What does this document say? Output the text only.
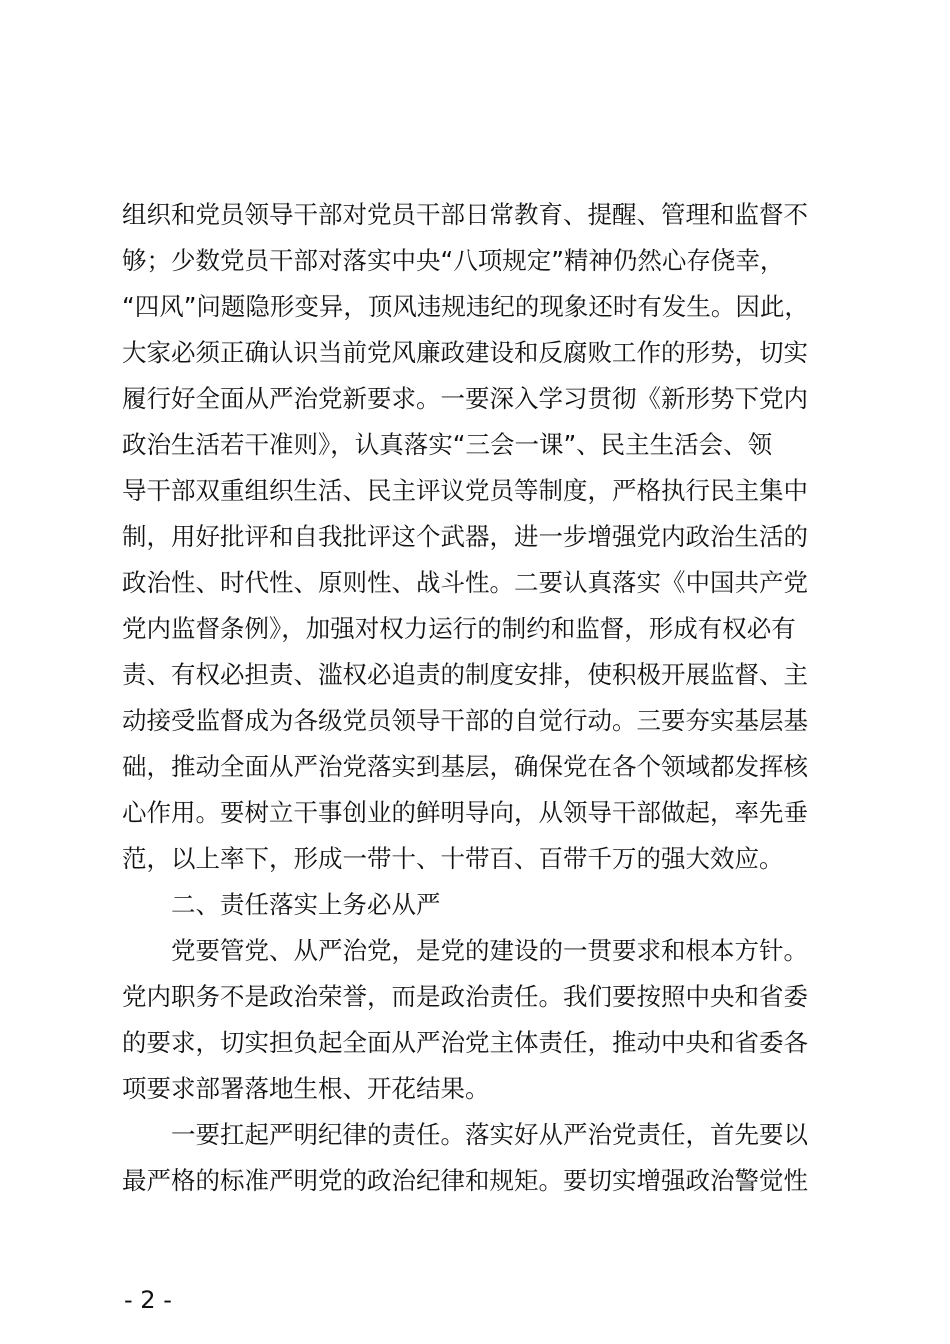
组织和党员领导干部对党员干部日常教育、提醒、管理和监督不
够；少数党员干部对落实中央“八项规定”精神仍然心存侥幸，
“四风”问题隐形变异，顶风违规违纪的现象还时有发生。因此，
大家必须正确认识当前党风廉政建设和反腐败工作的形势，切实
履行好全面从严治党新要求。一要深入学习贯彻《新形势下党内
政治生活若干准则》，认真落实“三会一课”、民主生活会、领
导干部双重组织生活、民主评议党员等制度，严格执行民主集中
制，用好批评和自我批评这个武器，进一步增强党内政治生活的
政治性、时代性、原则性、战斗性。二要认真落实《中国共产党
党内监督条例》，加强对权力运行的制约和监督，形成有权必有
责、有权必担责、滥权必追责的制度安排，使积极开展监督、主
动接受监督成为各级党员领导干部的自觉行动。三要夯实基层基
础，推动全面从严治党落实到基层，确保党在各个领域都发挥核
心作用。要树立干事创业的鲜明导向，从领导干部做起，率先垂
范，以上率下，形成一带十、十带百、百带千万的强大效应。
二、责任落实上务必从严
党要管党、从严治党，是党的建设的一贯要求和根本方针。
党内职务不是政治荣誉，而是政治责任。我们要按照中央和省委
的要求，切实担负起全面从严治党主体责任，推动中央和省委各
项要求部署落地生根、开花结果。
一要扛起严明纪律的责任。落实好从严治党责任，首先要以
最严格的标准严明党的政治纪律和规矩。要切实增强政治警觉性
- 2 -
